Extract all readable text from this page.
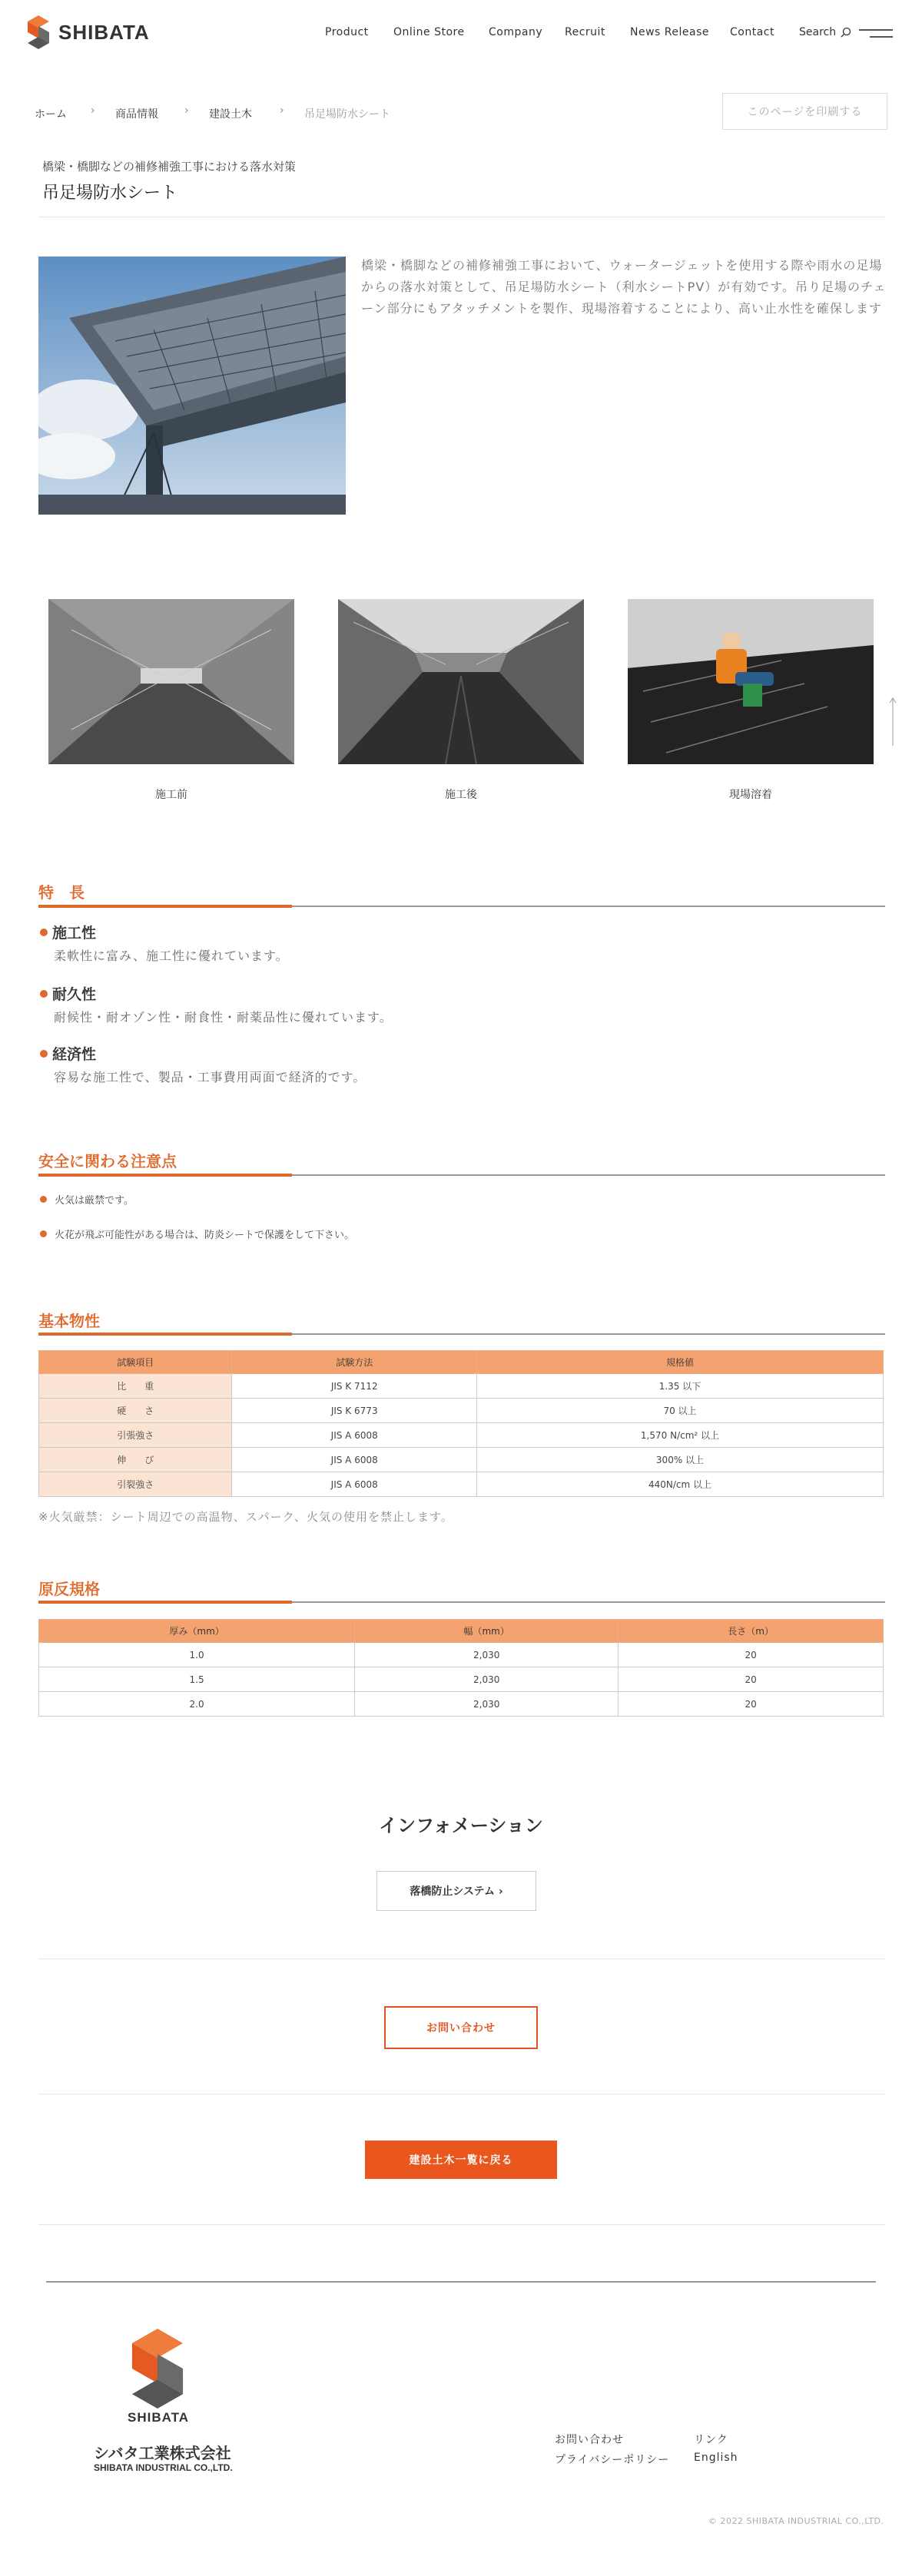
SHIBATA	Product Online Store Company Recruit News Release Contact Search
ホーム › 商品情報 › 建設土木	› 吊足場防水シート	このページを印刷する
橋梁・橋脚などの補修補強工事における落水対策
吊足場防水シート
橋梁・橋脚などの補修補強工事において、ウォータージェットを使用する際や雨水の足場からの落水対策として、吊足場防水シート（利水シートPV）が有効です。吊り足場のチェーン部分にもアタッチメントを製作、現場溶着することにより、高い止水性を確保します
施工前	施工後	現場溶着
特　長
施工性
柔軟性に富み、施工性に優れています。
耐久性
耐候性・耐オゾン性・耐食性・耐薬品性に優れています。
経済性
容易な施工性で、製品・工事費用両面で経済的です。
安全に関わる注意点
火気は厳禁です。
火花が飛ぶ可能性がある場合は、防炎シートで保護をして下さい。
基本物性
試験項目	試験方法	規格値
比　　重	JIS K 7112	1.35 以下
硬　　さ	JIS K 6773	70 以上
引張強さ	JIS A 6008	1,570 N/cm² 以上
伸　　び	JIS A 6008	300% 以上
引裂強さ	JIS A 6008	440N/cm 以上
※火気厳禁：シート周辺での高温物、スパーク、火気の使用を禁止します。
原反規格
厚み（mm）	幅（mm）	長さ（m）
1.0	2,030	20
1.5	2,030	20
2.0	2,030	20
インフォメーション
落橋防止システム ›
お問い合わせ
建設土木一覧に戻る
SHIBATA
シバタ工業株式会社
SHIBATA INDUSTRIAL CO.,LTD.
お問い合わせ	リンク
プライバシーポリシー English
© 2022 SHIBATA INDUSTRIAL CO.,LTD.
